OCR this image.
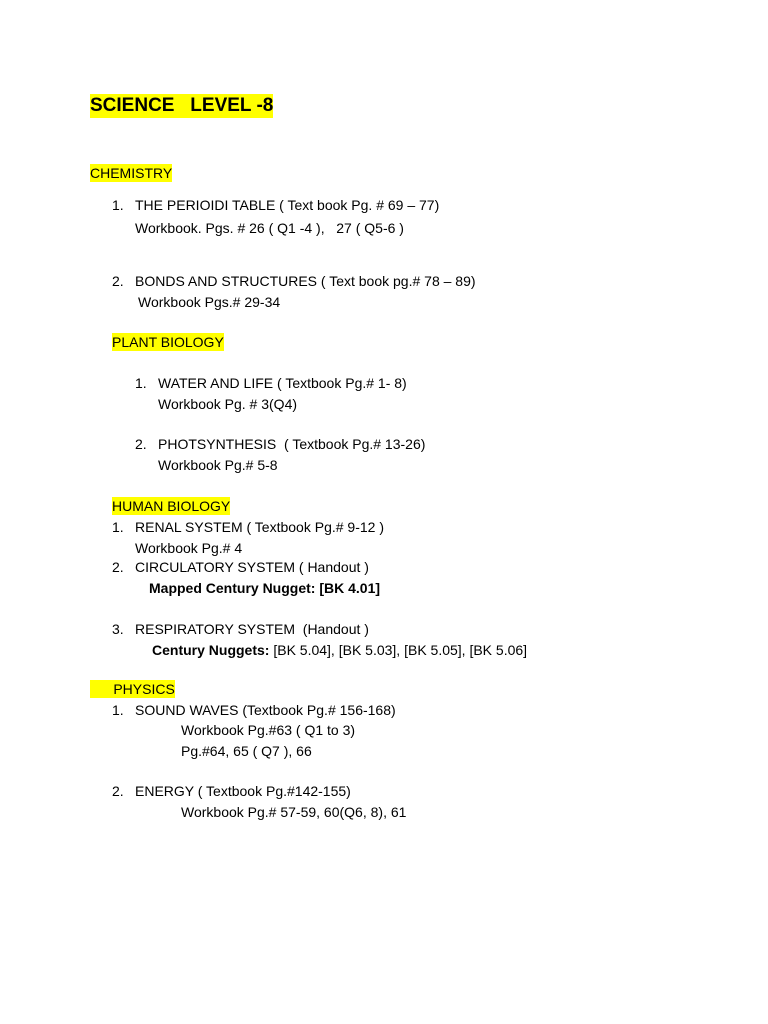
SCIENCE   LEVEL -8
CHEMISTRY
1. THE PERIOIDI TABLE ( Text book Pg. # 69 – 77)
Workbook. Pgs. # 26 ( Q1 -4 ),   27 ( Q5-6 )
2. BONDS AND STRUCTURES ( Text book pg.# 78 – 89)
Workbook Pgs.# 29-34
PLANT BIOLOGY
1. WATER AND LIFE ( Textbook Pg.# 1- 8)
Workbook Pg. # 3(Q4)
2. PHOTSYNTHESIS  ( Textbook Pg.# 13-26)
Workbook Pg.# 5-8
HUMAN BIOLOGY
1. RENAL SYSTEM ( Textbook Pg.# 9-12 )
Workbook Pg.# 4
2. CIRCULATORY SYSTEM ( Handout )
Mapped Century Nugget: [BK 4.01]
3. RESPIRATORY SYSTEM  (Handout )
Century Nuggets: [BK 5.04], [BK 5.03], [BK 5.05], [BK 5.06]
PHYSICS
1. SOUND WAVES (Textbook Pg.# 156-168)
Workbook Pg.#63 ( Q1 to 3)
Pg.#64, 65 ( Q7 ), 66
2. ENERGY ( Textbook Pg.#142-155)
Workbook Pg.# 57-59, 60(Q6, 8), 61
